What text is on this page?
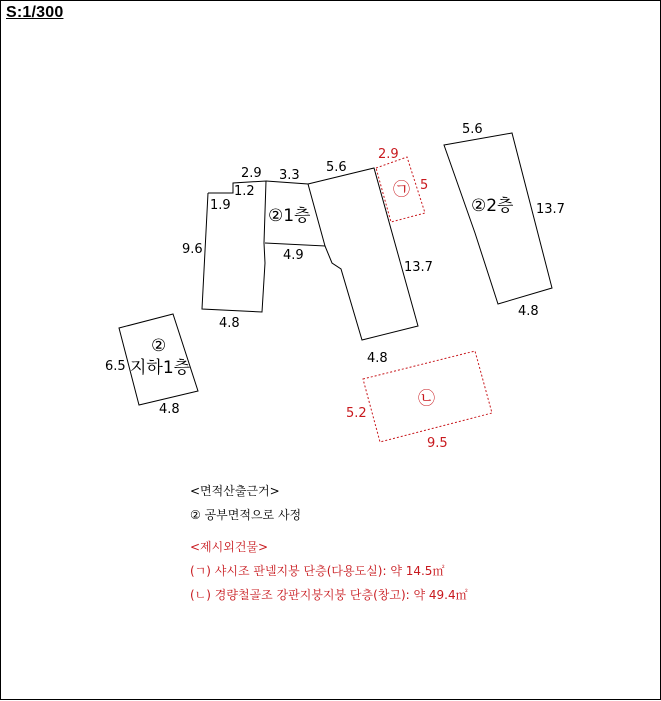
S:1/300
②
지하1층
6.5
4.8
2.9
1.2
1.9
3.3
5.6
②1층
9.6	4.9
13.7
4.8
4.8
5.6
②2층 13.7
4.8
2.9
5
㉠
㉡
5.2
9.5
<면적산출근거>
② 공부면적으로 사정
<제시외건물>
(ㄱ) 샤시조 판넬지붕 단층(다용도실): 약 14.5㎡
(ㄴ) 경량철골조 강판지붕지붕 단층(창고): 약 49.4㎡
